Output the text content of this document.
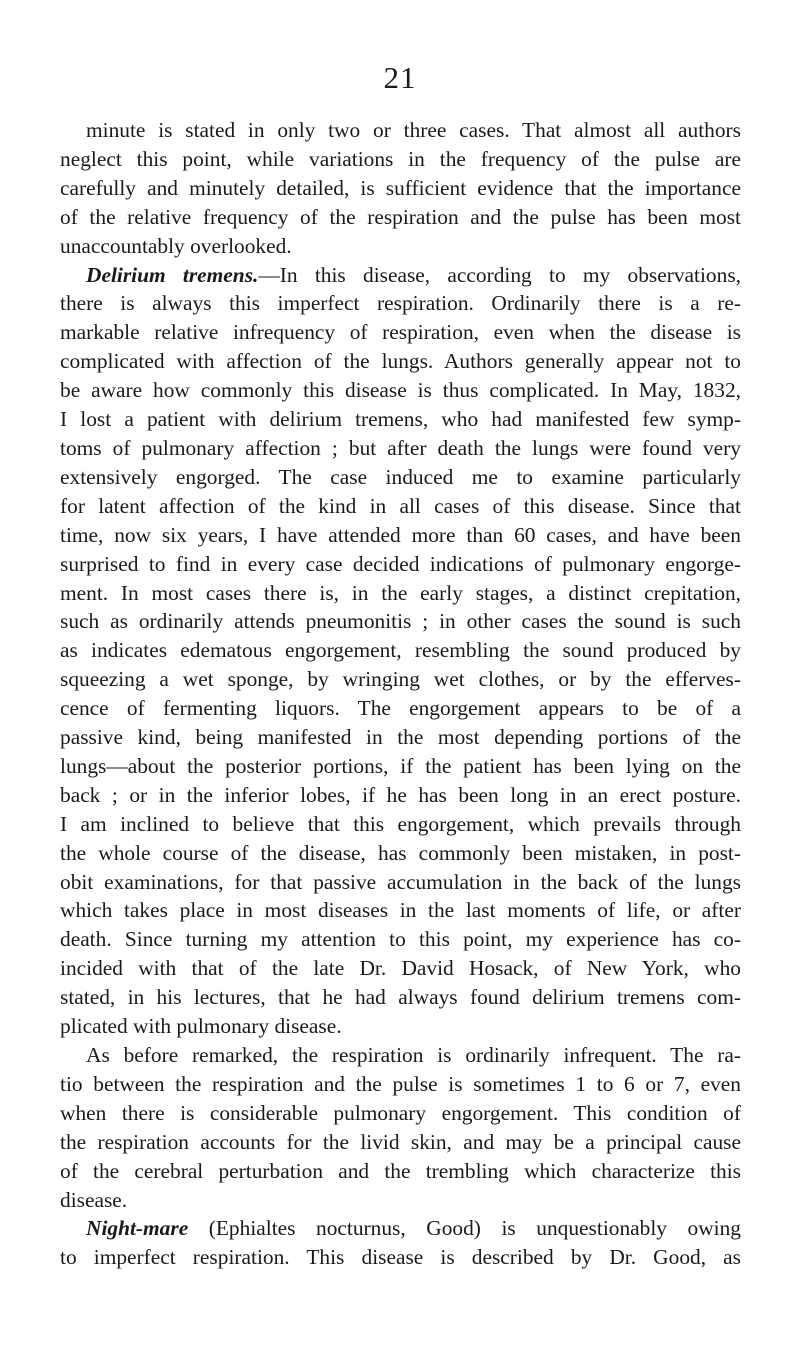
21
minute is stated in only two or three cases. That almost all authors
neglect this point, while variations in the frequency of the pulse are
carefully and minutely detailed, is sufficient evidence that the importance
of the relative frequency of the respiration and the pulse has been most
unaccountably overlooked.
Delirium tremens.—In this disease, according to my observations,
there is always this imperfect respiration. Ordinarily there is a re-
markable relative infrequency of respiration, even when the disease is
complicated with affection of the lungs. Authors generally appear not to
be aware how commonly this disease is thus complicated. In May, 1832,
I lost a patient with delirium tremens, who had manifested few symp-
toms of pulmonary affection ; but after death the lungs were found very
extensively engorged. The case induced me to examine particularly
for latent affection of the kind in all cases of this disease. Since that
time, now six years, I have attended more than 60 cases, and have been
surprised to find in every case decided indications of pulmonary engorge-
ment. In most cases there is, in the early stages, a distinct crepitation,
such as ordinarily attends pneumonitis ; in other cases the sound is such
as indicates edematous engorgement, resembling the sound produced by
squeezing a wet sponge, by wringing wet clothes, or by the efferves-
cence of fermenting liquors. The engorgement appears to be of a
passive kind, being manifested in the most depending portions of the
lungs—about the posterior portions, if the patient has been lying on the
back ; or in the inferior lobes, if he has been long in an erect posture.
I am inclined to believe that this engorgement, which prevails through
the whole course of the disease, has commonly been mistaken, in post-
obit examinations, for that passive accumulation in the back of the lungs
which takes place in most diseases in the last moments of life, or after
death. Since turning my attention to this point, my experience has co-
incided with that of the late Dr. David Hosack, of New York, who
stated, in his lectures, that he had always found delirium tremens com-
plicated with pulmonary disease.
As before remarked, the respiration is ordinarily infrequent. The ra-
tio between the respiration and the pulse is sometimes 1 to 6 or 7, even
when there is considerable pulmonary engorgement. This condition of
the respiration accounts for the livid skin, and may be a principal cause
of the cerebral perturbation and the trembling which characterize this
disease.
Night-mare (Ephialtes nocturnus, Good) is unquestionably owing
to imperfect respiration. This disease is described by Dr. Good, as
